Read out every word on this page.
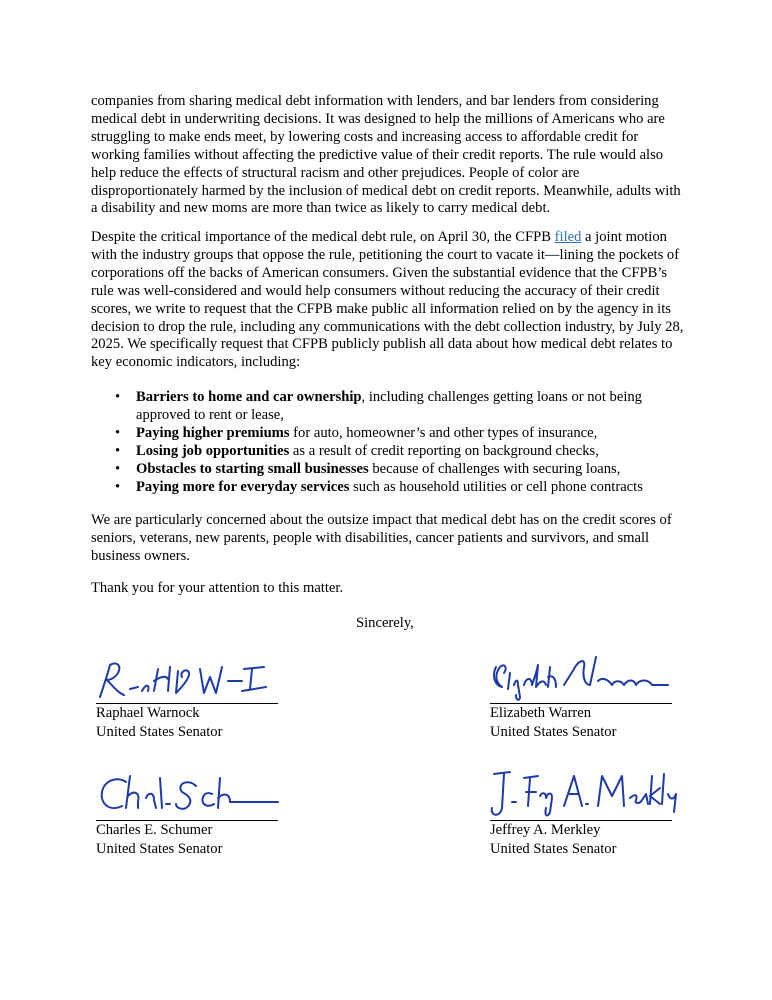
companies from sharing medical debt information with lenders, and bar lenders from considering medical debt in underwriting decisions. It was designed to help the millions of Americans who are struggling to make ends meet, by lowering costs and increasing access to affordable credit for working families without affecting the predictive value of their credit reports. The rule would also help reduce the effects of structural racism and other prejudices. People of color are disproportionately harmed by the inclusion of medical debt on credit reports. Meanwhile, adults with a disability and new moms are more than twice as likely to carry medical debt.

Despite the critical importance of the medical debt rule, on April 30, the CFPB filed a joint motion with the industry groups that oppose the rule, petitioning the court to vacate it—lining the pockets of corporations off the backs of American consumers. Given the substantial evidence that the CFPB’s rule was well-considered and would help consumers without reducing the accuracy of their credit scores, we write to request that the CFPB make public all information relied on by the agency in its decision to drop the rule, including any communications with the debt collection industry, by July 28, 2025. We specifically request that CFPB publicly publish all data about how medical debt relates to key economic indicators, including:

• Barriers to home and car ownership, including challenges getting loans or not being approved to rent or lease,
• Paying higher premiums for auto, homeowner’s and other types of insurance,
• Losing job opportunities as a result of credit reporting on background checks,
• Obstacles to starting small businesses because of challenges with securing loans,
• Paying more for everyday services such as household utilities or cell phone contracts

We are particularly concerned about the outsize impact that medical debt has on the credit scores of seniors, veterans, new parents, people with disabilities, cancer patients and survivors, and small business owners.

Thank you for your attention to this matter.

Sincerely,

Raphael Warnock

United States Senator

Elizabeth Warren

United States Senator

Charles E. Schumer

United States Senator

Jeffrey A. Merkley

United States Senator
